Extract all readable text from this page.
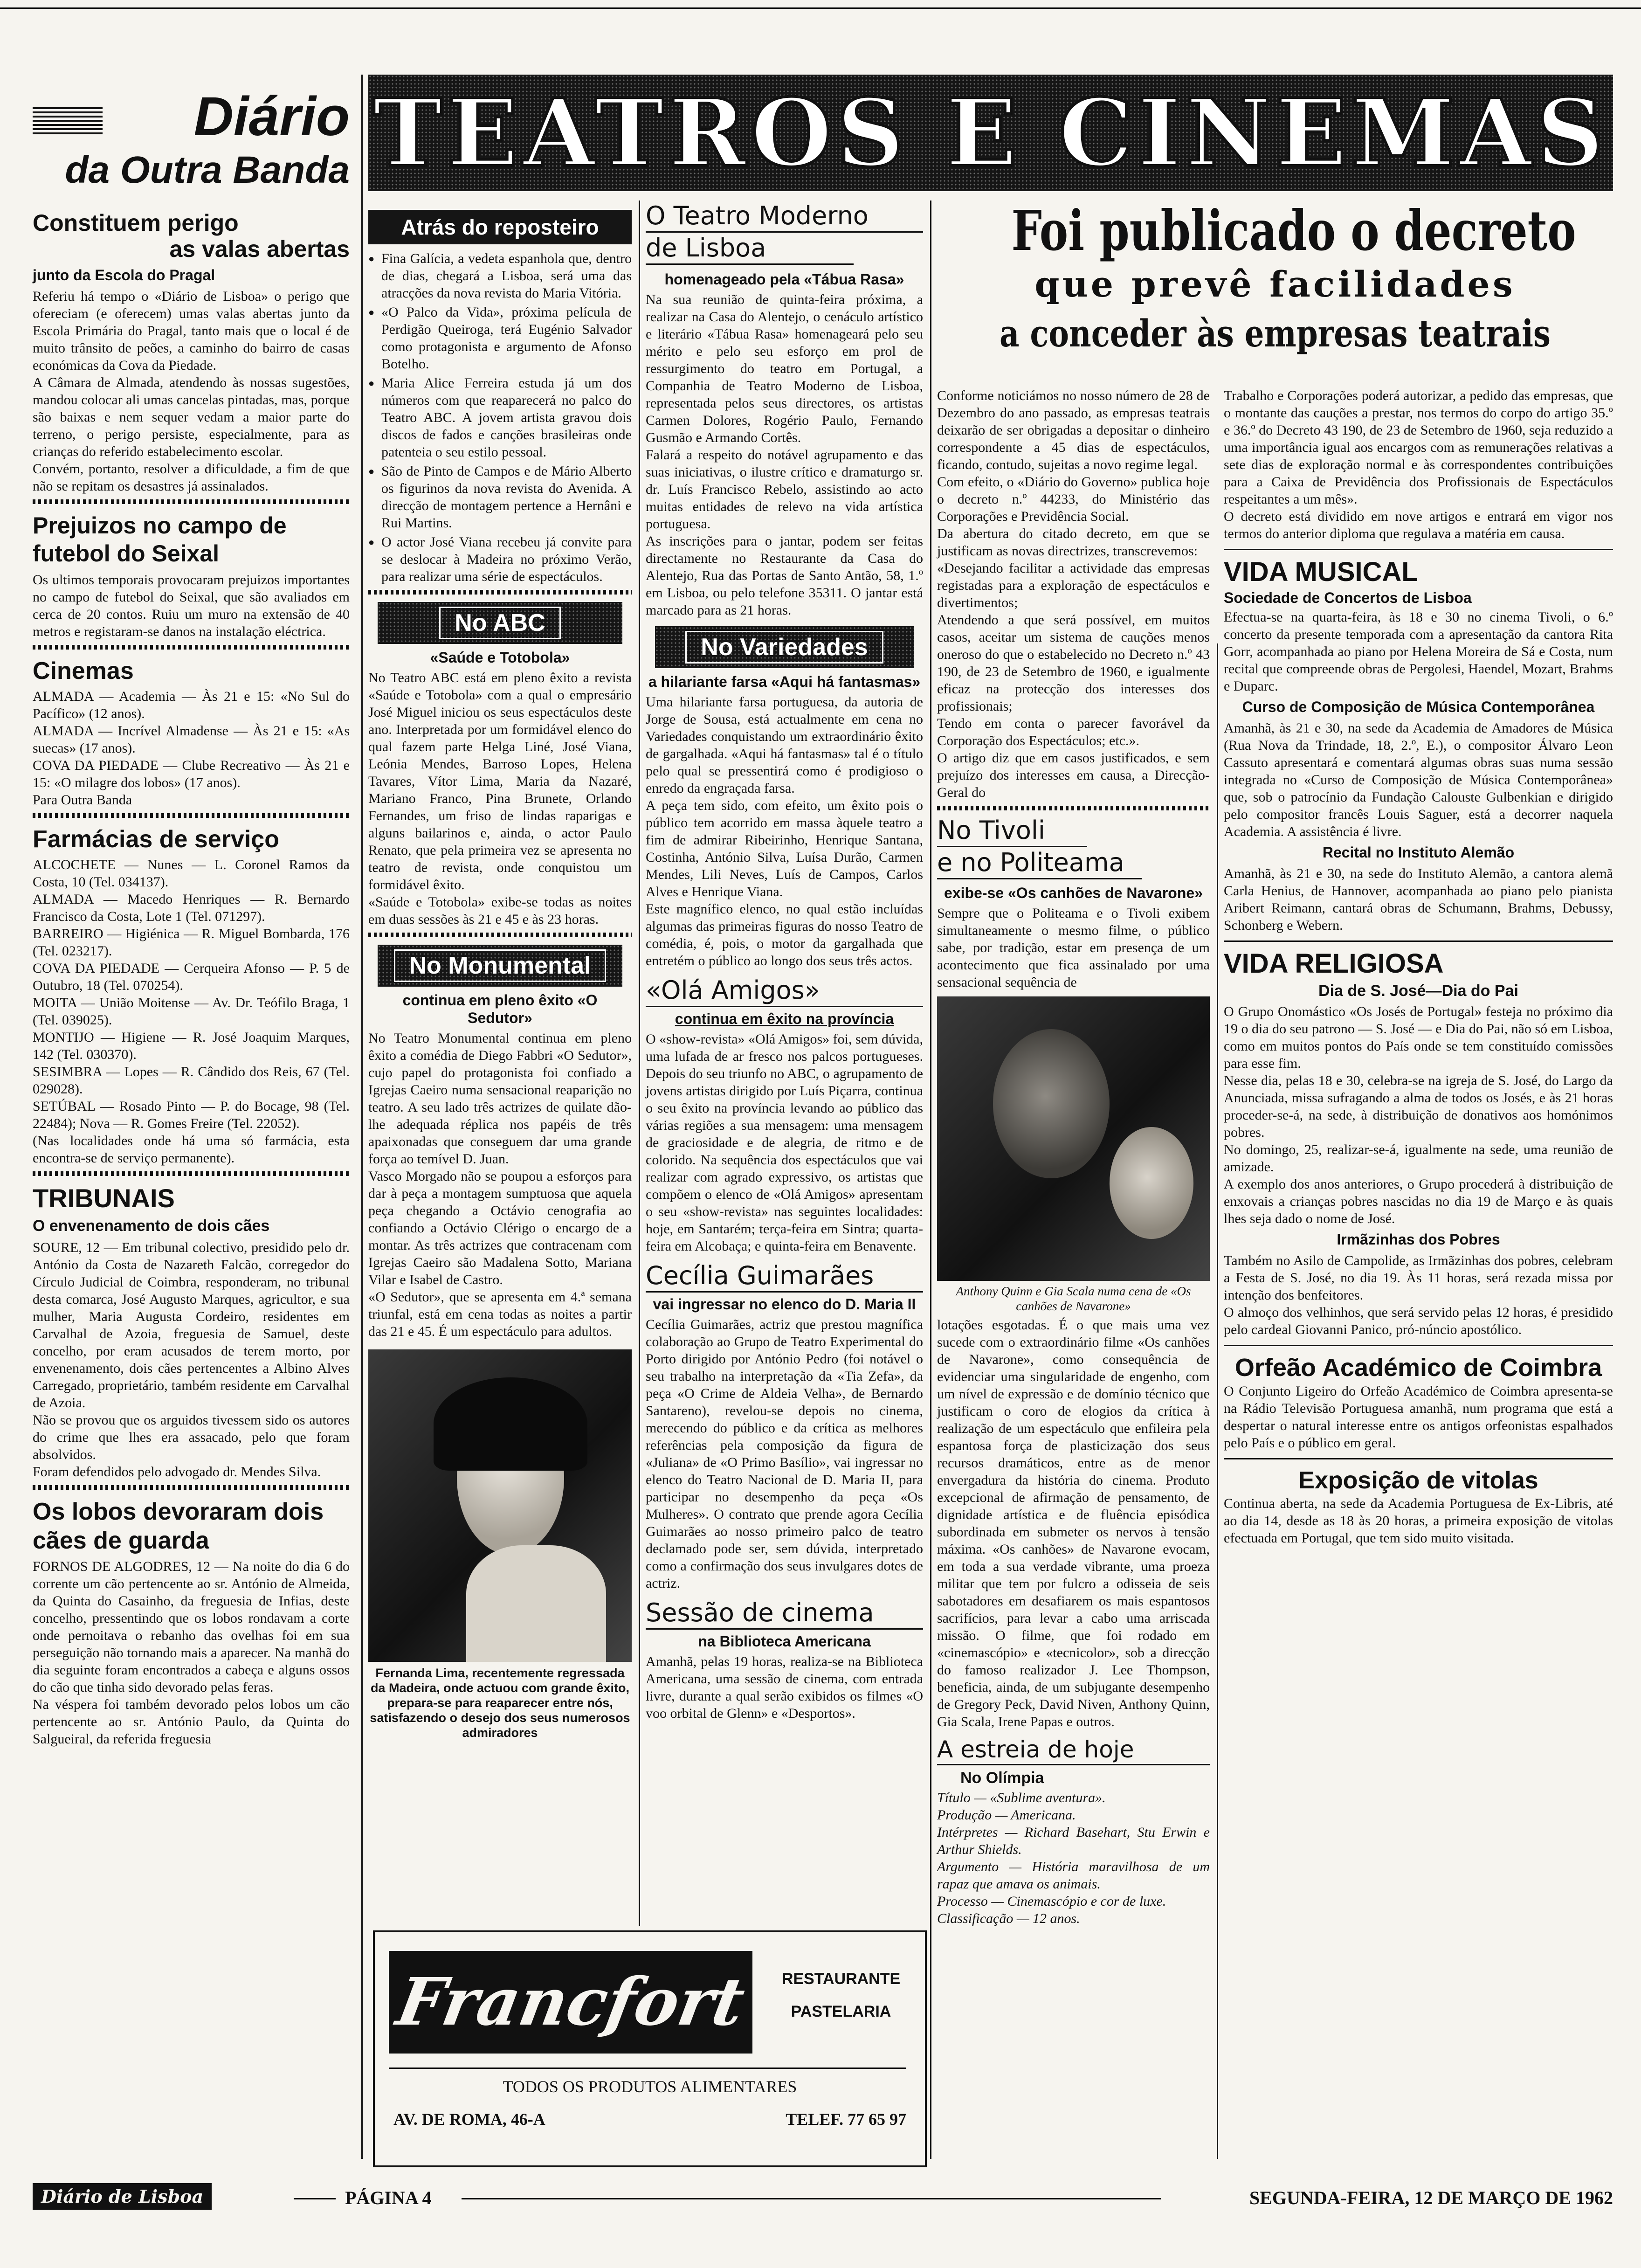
Diário
da Outra Banda
Constituem perigo
as valas abertas
junto da Escola do Pragal
Referiu há tempo o «Diário de Lisboa» o perigo que ofereciam (e oferecem) umas valas abertas junto da Escola Primária do Pragal, tanto mais que o local é de muito trânsito de peões, a caminho do bairro de casas económicas da Cova da Piedade.
A Câmara de Almada, atendendo às nossas sugestões, mandou colocar ali umas cancelas pintadas, mas, porque são baixas e nem sequer vedam a maior parte do terreno, o perigo persiste, especialmente, para as crianças do referido estabelecimento escolar.
Convém, portanto, resolver a dificuldade, a fim de que não se repitam os desastres já assinalados.
Prejuizos no campo de futebol do Seixal
Os ultimos temporais provocaram prejuizos importantes no campo de futebol do Seixal, que são avaliados em cerca de 20 contos. Ruiu um muro na extensão de 40 metros e registaram-se danos na instalação eléctrica.
Cinemas
ALMADA — Academia — Às 21 e 15: «No Sul do Pacífico» (12 anos).
ALMADA — Incrível Almadense — Às 21 e 15: «As suecas» (17 anos).
COVA DA PIEDADE — Clube Recreativo — Às 21 e 15: «O milagre dos lobos» (17 anos).
Para Outra Banda
Farmácias de serviço
ALCOCHETE — Nunes — L. Coronel Ramos da Costa, 10 (Tel. 034137).
ALMADA — Macedo Henriques — R. Bernardo Francisco da Costa, Lote 1 (Tel. 071297).
BARREIRO — Higiénica — R. Miguel Bombarda, 176 (Tel. 023217).
COVA DA PIEDADE — Cerqueira Afonso — P. 5 de Outubro, 18 (Tel. 070254).
MOITA — União Moitense — Av. Dr. Teófilo Braga, 1 (Tel. 039025).
MONTIJO — Higiene — R. José Joaquim Marques, 142 (Tel. 030370).
SESIMBRA — Lopes — R. Cândido dos Reis, 67 (Tel. 029028).
SETÚBAL — Rosado Pinto — P. do Bocage, 98 (Tel. 22484); Nova — R. Gomes Freire (Tel. 22052).
(Nas localidades onde há uma só farmácia, esta encontra-se de serviço permanente).
TRIBUNAIS
O envenenamento de dois cães
SOURE, 12 — Em tribunal colectivo, presidido pelo dr. António da Costa de Nazareth Falcão, corregedor do Círculo Judicial de Coimbra, responderam, no tribunal desta comarca, José Augusto Marques, agricultor, e sua mulher, Maria Augusta Cordeiro, residentes em Carvalhal de Azoia, freguesia de Samuel, deste concelho, por eram acusados de terem morto, por envenenamento, dois cães pertencentes a Albino Alves Carregado, proprietário, também residente em Carvalhal de Azoia.
Não se provou que os arguidos tivessem sido os autores do crime que lhes era assacado, pelo que foram absolvidos.
Foram defendidos pelo advogado dr. Mendes Silva.
Os lobos devoraram dois cães de guarda
FORNOS DE ALGODRES, 12 — Na noite do dia 6 do corrente um cão pertencente ao sr. António de Almeida, da Quinta do Casainho, da freguesia de Infias, deste concelho, pressentindo que os lobos rondavam a corte onde pernoitava o rebanho das ovelhas foi em sua perseguição não tornando mais a aparecer. Na manhã do dia seguinte foram encontrados a cabeça e alguns ossos do cão que tinha sido devorado pelas feras.
Na véspera foi também devorado pelos lobos um cão pertencente ao sr. António Paulo, da Quinta do Salgueiral, da referida freguesia
TEATROS E CINEMAS
Atrás do reposteiro
● Fina Galícia, a vedeta espanhola que, dentro de dias, chegará a Lisboa, será uma das atracções da nova revista do Maria Vitória.
● «O Palco da Vida», próxima película de Perdigão Queiroga, terá Eugénio Salvador como protagonista e argumento de Afonso Botelho.
● Maria Alice Ferreira estuda já um dos números com que reaparecerá no palco do Teatro ABC. A jovem artista gravou dois discos de fados e canções brasileiras onde patenteia o seu estilo pessoal.
● São de Pinto de Campos e de Mário Alberto os figurinos da nova revista do Avenida. A direcção de montagem pertence a Hernâni e Rui Martins.
● O actor José Viana recebeu já convite para se deslocar à Madeira no próximo Verão, para realizar uma série de espectáculos.
No ABC
«Saúde e Totobola»
No Teatro ABC está em pleno êxito a revista «Saúde e Totobola» com a qual o empresário José Miguel iniciou os seus espectáculos deste ano. Interpretada por um formidável elenco do qual fazem parte Helga Liné, José Viana, Leónia Mendes, Barroso Lopes, Helena Tavares, Vítor Lima, Maria da Nazaré, Mariano Franco, Pina Brunete, Orlando Fernandes, um friso de lindas raparigas e alguns bailarinos e, ainda, o actor Paulo Renato, que pela primeira vez se apresenta no teatro de revista, onde conquistou um formidável êxito.
«Saúde e Totobola» exibe-se todas as noites em duas sessões às 21 e 45 e às 23 horas.
No Monumental
continua em pleno êxito «O Sedutor»
No Teatro Monumental continua em pleno êxito a comédia de Diego Fabbri «O Sedutor», cujo papel do protagonista foi confiado a Igrejas Caeiro numa sensacional reaparição no teatro. A seu lado três actrizes de quilate dão-lhe adequada réplica nos papéis de três apaixonadas que conseguem dar uma grande força ao temível D. Juan.
Vasco Morgado não se poupou a esforços para dar à peça a montagem sumptuosa que aquela peça chegando a Octávio cenografia ao confiando a Octávio Clérigo o encargo de a montar. As três actrizes que contracenam com Igrejas Caeiro são Madalena Sotto, Mariana Vilar e Isabel de Castro.
«O Sedutor», que se apresenta em 4.ª semana triunfal, está em cena todas as noites a partir das 21 e 45. É um espectáculo para adultos.
Fernanda Lima, recentemente regressada da Madeira, onde actuou com grande êxito, prepara-se para reaparecer entre nós, satisfazendo o desejo dos seus numerosos admiradores
O Teatro Moderno
de Lisboa
homenageado pela «Tábua Rasa»
Na sua reunião de quinta-feira próxima, a realizar na Casa do Alentejo, o cenáculo artístico e literário «Tábua Rasa» homenageará pelo seu mérito e pelo seu esforço em prol de ressurgimento do teatro em Portugal, a Companhia de Teatro Moderno de Lisboa, representada pelos seus directores, os artistas Carmen Dolores, Rogério Paulo, Fernando Gusmão e Armando Cortês.
Falará a respeito do notável agrupamento e das suas iniciativas, o ilustre crítico e dramaturgo sr. dr. Luís Francisco Rebelo, assistindo ao acto muitas entidades de relevo na vida artística portuguesa.
As inscrições para o jantar, podem ser feitas directamente no Restaurante da Casa do Alentejo, Rua das Portas de Santo Antão, 58, 1.º em Lisboa, ou pelo telefone 35311. O jantar está marcado para as 21 horas.
No Variedades
a hilariante farsa «Aqui há fantasmas»
Uma hilariante farsa portuguesa, da autoria de Jorge de Sousa, está actualmente em cena no Variedades conquistando um extraordinário êxito de gargalhada. «Aqui há fantasmas» tal é o título pelo qual se pressentirá como é prodigioso o enredo da engraçada farsa.
A peça tem sido, com efeito, um êxito pois o público tem acorrido em massa àquele teatro a fim de admirar Ribeirinho, Henrique Santana, Costinha, António Silva, Luísa Durão, Carmen Mendes, Lili Neves, Luís de Campos, Carlos Alves e Henrique Viana.
Este magnífico elenco, no qual estão incluídas algumas das primeiras figuras do nosso Teatro de comédia, é, pois, o motor da gargalhada que entretém o público ao longo dos seus três actos.
«Olá Amigos»
continua em êxito na província
O «show-revista» «Olá Amigos» foi, sem dúvida, uma lufada de ar fresco nos palcos portugueses. Depois do seu triunfo no ABC, o agrupamento de jovens artistas dirigido por Luís Piçarra, continua o seu êxito na província levando ao público das várias regiões a sua mensagem: uma mensagem de graciosidade e de alegria, de ritmo e de colorido. Na sequência dos espectáculos que vai realizar com agrado expressivo, os artistas que compõem o elenco de «Olá Amigos» apresentam o seu «show-revista» nas seguintes localidades: hoje, em Santarém; terça-feira em Sintra; quarta-feira em Alcobaça; e quinta-feira em Benavente.
Cecília Guimarães
vai ingressar no elenco do D. Maria II
Cecília Guimarães, actriz que prestou magnífica colaboração ao Grupo de Teatro Experimental do Porto dirigido por António Pedro (foi notável o seu trabalho na interpretação da «Tia Zefa», da peça «O Crime de Aldeia Velha», de Bernardo Santareno), revelou-se depois no cinema, merecendo do público e da crítica as melhores referências pela composição da figura de «Juliana» de «O Primo Basílio», vai ingressar no elenco do Teatro Nacional de D. Maria II, para participar no desempenho da peça «Os Mulheres». O contrato que prende agora Cecília Guimarães ao nosso primeiro palco de teatro declamado pode ser, sem dúvida, interpretado como a confirmação dos seus invulgares dotes de actriz.
Sessão de cinema
na Biblioteca Americana
Amanhã, pelas 19 horas, realiza-se na Biblioteca Americana, uma sessão de cinema, com entrada livre, durante a qual serão exibidos os filmes «O voo orbital de Glenn» e «Desportos».
Foi publicado o decreto
que prevê facilidades
a conceder às empresas teatrais
Conforme noticiámos no nosso número de 28 de Dezembro do ano passado, as empresas teatrais deixarão de ser obrigadas a depositar o dinheiro correspondente a 45 dias de espectáculos, ficando, contudo, sujeitas a novo regime legal.
Com efeito, o «Diário do Governo» publica hoje o decreto n.º 44233, do Ministério das Corporações e Previdência Social.
Da abertura do citado decreto, em que se justificam as novas directrizes, transcrevemos:
«Desejando facilitar a actividade das empresas registadas para a exploração de espectáculos e divertimentos;
Atendendo a que será possível, em muitos casos, aceitar um sistema de cauções menos oneroso do que o estabelecido no Decreto n.º 43 190, de 23 de Setembro de 1960, e igualmente eficaz na protecção dos interesses dos profissionais;
Tendo em conta o parecer favorável da Corporação dos Espectáculos; etc.».
O artigo diz que em casos justificados, e sem prejuízo dos interesses em causa, a Direcção-Geral do
No Tivoli
e no Politeama
exibe-se «Os canhões de Navarone»
Sempre que o Politeama e o Tivoli exibem simultaneamente o mesmo filme, o público sabe, por tradição, estar em presença de um acontecimento que fica assinalado por uma sensacional sequência de
Anthony Quinn e Gia Scala numa cena de «Os canhões de Navarone»
lotações esgotadas. É o que mais uma vez sucede com o extraordinário filme «Os canhões de Navarone», como consequência de evidenciar uma singularidade de engenho, com um nível de expressão e de domínio técnico que justificam o coro de elogios da crítica à realização de um espectáculo que enfileira pela espantosa força de plasticização dos seus recursos dramáticos, entre as de menor envergadura da história do cinema. Produto excepcional de afirmação de pensamento, de dignidade artística e de fluência episódica subordinada em submeter os nervos à tensão máxima. «Os canhões» de Navarone evocam, em toda a sua verdade vibrante, uma proeza militar que tem por fulcro a odisseia de seis sabotadores em desafiarem os mais espantosos sacrifícios, para levar a cabo uma arriscada missão. O filme, que foi rodado em «cinemascópio» e «tecnicolor», sob a direcção do famoso realizador J. Lee Thompson, beneficia, ainda, de um subjugante desempenho de Gregory Peck, David Niven, Anthony Quinn, Gia Scala, Irene Papas e outros.
A estreia de hoje
No Olímpia
Título — «Sublime aventura».
Produção — Americana.
Intérpretes — Richard Basehart, Stu Erwin e Arthur Shields.
Argumento — História maravilhosa de um rapaz que amava os animais.
Processo — Cinemascópio e cor de luxe.
Classificação — 12 anos.
Trabalho e Corporações poderá autorizar, a pedido das empresas, que o montante das cauções a prestar, nos termos do corpo do artigo 35.º e 36.º do Decreto 43 190, de 23 de Setembro de 1960, seja reduzido a uma importância igual aos encargos com as remunerações relativas a sete dias de exploração normal e às correspondentes contribuições para a Caixa de Previdência dos Profissionais de Espectáculos respeitantes a um mês».
O decreto está dividido em nove artigos e entrará em vigor nos termos do anterior diploma que regulava a matéria em causa.
VIDA MUSICAL
Sociedade de Concertos de Lisboa
Efectua-se na quarta-feira, às 18 e 30 no cinema Tivoli, o 6.º concerto da presente temporada com a apresentação da cantora Rita Gorr, acompanhada ao piano por Helena Moreira de Sá e Costa, num recital que compreende obras de Pergolesi, Haendel, Mozart, Brahms e Duparc.
Curso de Composição de Música Contemporânea
Amanhã, às 21 e 30, na sede da Academia de Amadores de Música (Rua Nova da Trindade, 18, 2.º, E.), o compositor Álvaro Leon Cassuto apresentará e comentará algumas obras suas numa sessão integrada no «Curso de Composição de Música Contemporânea» que, sob o patrocínio da Fundação Calouste Gulbenkian e dirigido pelo compositor francês Louis Saguer, está a decorrer naquela Academia. A assistência é livre.
Recital no Instituto Alemão
Amanhã, às 21 e 30, na sede do Instituto Alemão, a cantora alemã Carla Henius, de Hannover, acompanhada ao piano pelo pianista Aribert Reimann, cantará obras de Schumann, Brahms, Debussy, Schonberg e Webern.
VIDA RELIGIOSA
Dia de S. José—Dia do Pai
O Grupo Onomástico «Os Josés de Portugal» festeja no próximo dia 19 o dia do seu patrono — S. José — e Dia do Pai, não só em Lisboa, como em muitos pontos do País onde se tem constituído comissões para esse fim.
Nesse dia, pelas 18 e 30, celebra-se na igreja de S. José, do Largo da Anunciada, missa sufragando a alma de todos os Josés, e às 21 horas proceder-se-á, na sede, à distribuição de donativos aos homónimos pobres.
No domingo, 25, realizar-se-á, igualmente na sede, uma reunião de amizade.
A exemplo dos anos anteriores, o Grupo procederá à distribuição de enxovais a crianças pobres nascidas no dia 19 de Março e às quais lhes seja dado o nome de José.
Irmãzinhas dos Pobres
Também no Asilo de Campolide, as Irmãzinhas dos pobres, celebram a Festa de S. José, no dia 19. Às 11 horas, será rezada missa por intenção dos benfeitores.
O almoço dos velhinhos, que será servido pelas 12 horas, é presidido pelo cardeal Giovanni Panico, pró-núncio apostólico.
Orfeão Académico de Coimbra
O Conjunto Ligeiro do Orfeão Académico de Coimbra apresenta-se na Rádio Televisão Portuguesa amanhã, num programa que está a despertar o natural interesse entre os antigos orfeonistas espalhados pelo País e o público em geral.
Exposição de vitolas
Continua aberta, na sede da Academia Portuguesa de Ex-Libris, até ao dia 14, desde as 18 às 20 horas, a primeira exposição de vitolas efectuada em Portugal, que tem sido muito visitada.
Francfort	RESTAURANTE
PASTELARIA
TODOS OS PRODUTOS ALIMENTARES
AV. DE ROMA, 46-A	TELEF. 77 65 97
Diário de Lisboa	PÁGINA 4	SEGUNDA-FEIRA, 12 DE MARÇO DE 1962
